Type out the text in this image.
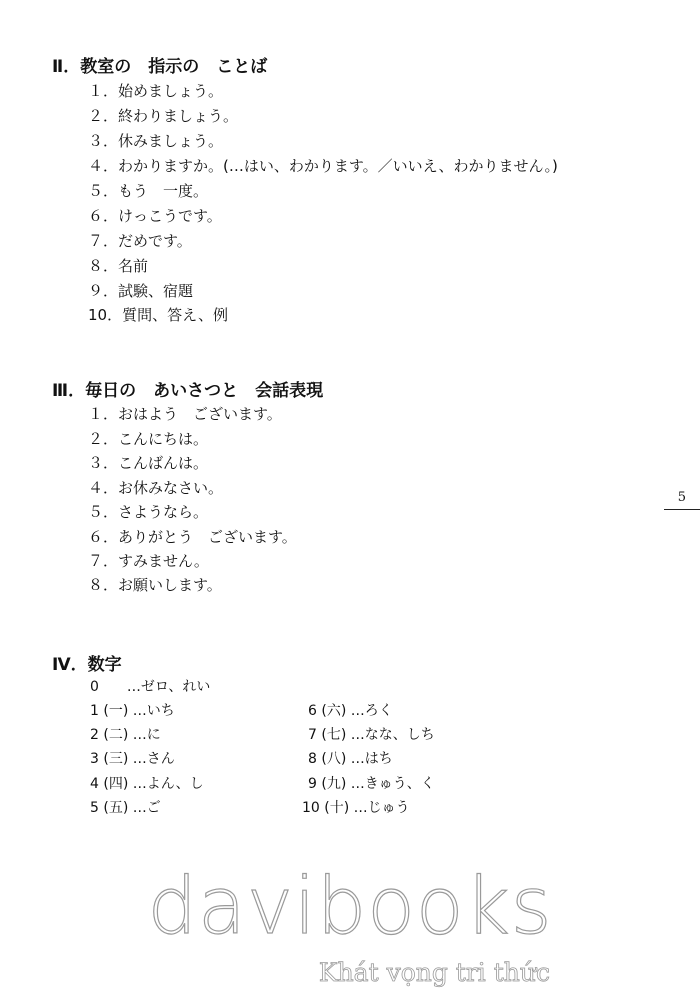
Ⅱ．教室の　指示の　ことば
１．始めましょう。
２．終わりましょう。
３．休みましょう。
４．わかりますか。(…はい、わかります。／いいえ、わかりません。)
５．もう　一度。
６．けっこうです。
７．だめです。
８．名前
９．試験、宿題
10．質問、答え、例
Ⅲ．毎日の　あいさつと　会話表現
１．おはよう　ございます。
２．こんにちは。
３．こんばんは。
４．お休みなさい。
５．さようなら。
６．ありがとう　ございます。
７．すみません。
８．お願いします。
5
Ⅳ．数字
0　　…ゼロ、れい
1 (一) …いち
2 (二) …に
3 (三) …さん
4 (四) …よん、し
5 (五) …ご
6 (六) …ろく
7 (七) …なな、しち
8 (八) …はち
9 (九) …きゅう、く
10 (十) …じゅう
davibooks
Khát vọng tri thức
